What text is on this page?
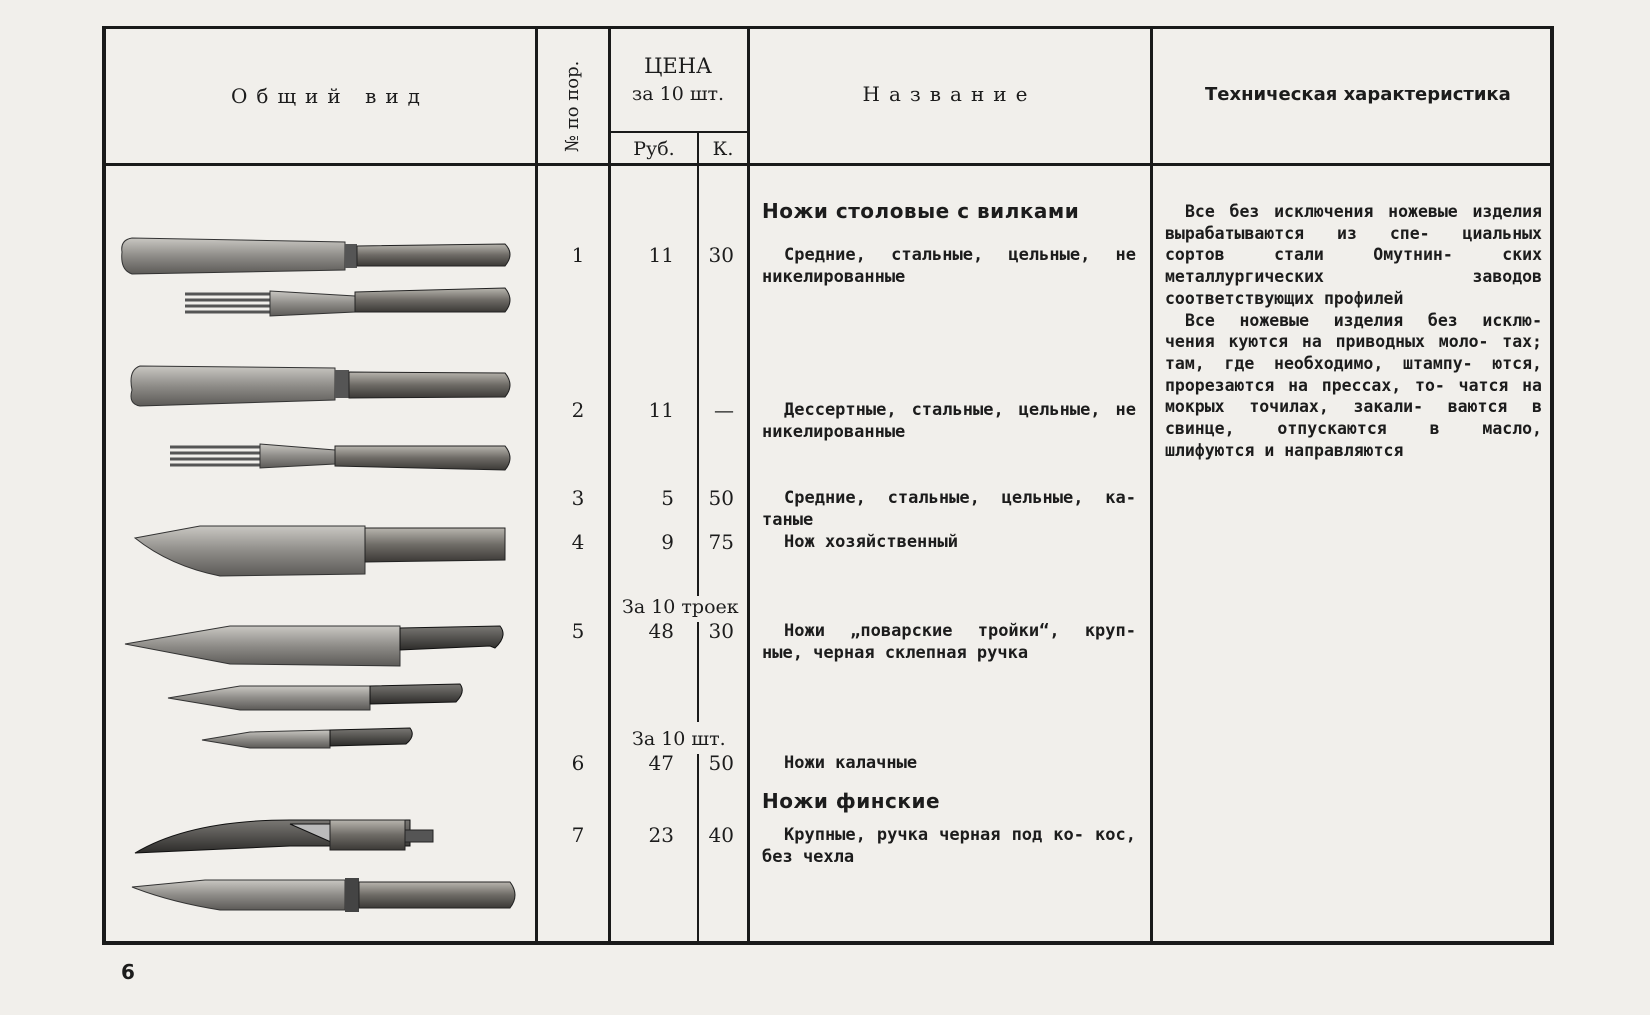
Общий вид	№ по пор.	ЦЕНА
за 10 шт.
Руб.	К.
Название	Техническая характеристика
Ножи столовые с вилками
Ножи финские
1	11	30	Средние, стальные, цельные, не никелированные
2	11	—	Дессертные, стальные, цельные, не никелированные
3	5	50	Средние, стальные, цельные, ка- таные
4	9	75	Нож хозяйственный
За 10 троек
5	48	30	Ножи „поварские тройки“, круп- ные, черная склепная ручка
За 10 шт.
6	47	50	Ножи калачные
7	23	40	Крупные, ручка черная под ко- кос, без чехла

Все без исключения ножевые изделия вырабатываются из спе- циальных сортов стали Омутнин- ских металлургических заводов соответствующих профилей

Все ножевые изделия без исклю- чения куются на приводных моло- тах; там, где необходимо, штампу- ются, прорезаются на прессах, то- чатся на мокрых точилах, закали- ваются в свинце, отпускаются в масло, шлифуются и направляются

6
